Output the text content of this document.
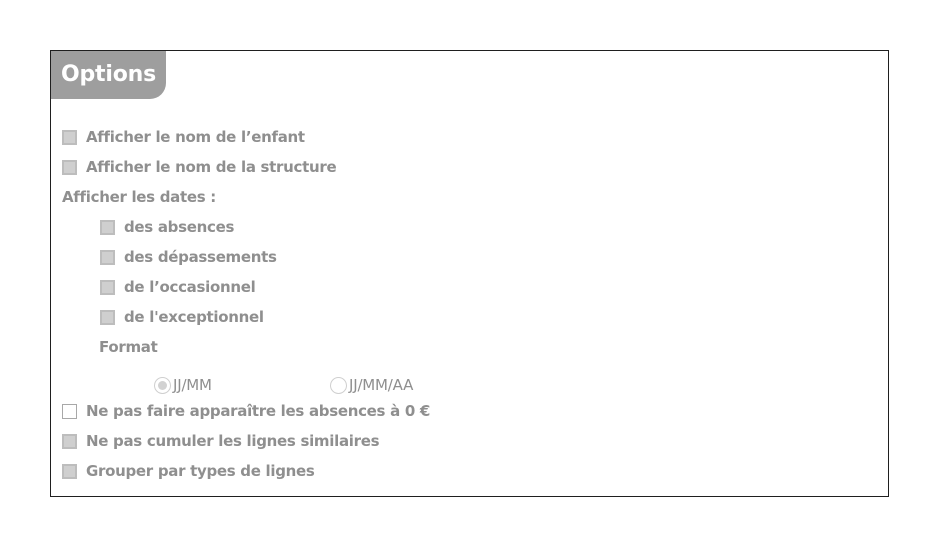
Options
Afficher le nom de l’enfant
Afficher le nom de la structure
Afficher les dates :
des absences
des dépassements
de l’occasionnel
de l'exceptionnel
Format
JJ/MM	JJ/MM/AA
Ne pas faire apparaître les absences à 0 €
Ne pas cumuler les lignes similaires
Grouper par types de lignes
